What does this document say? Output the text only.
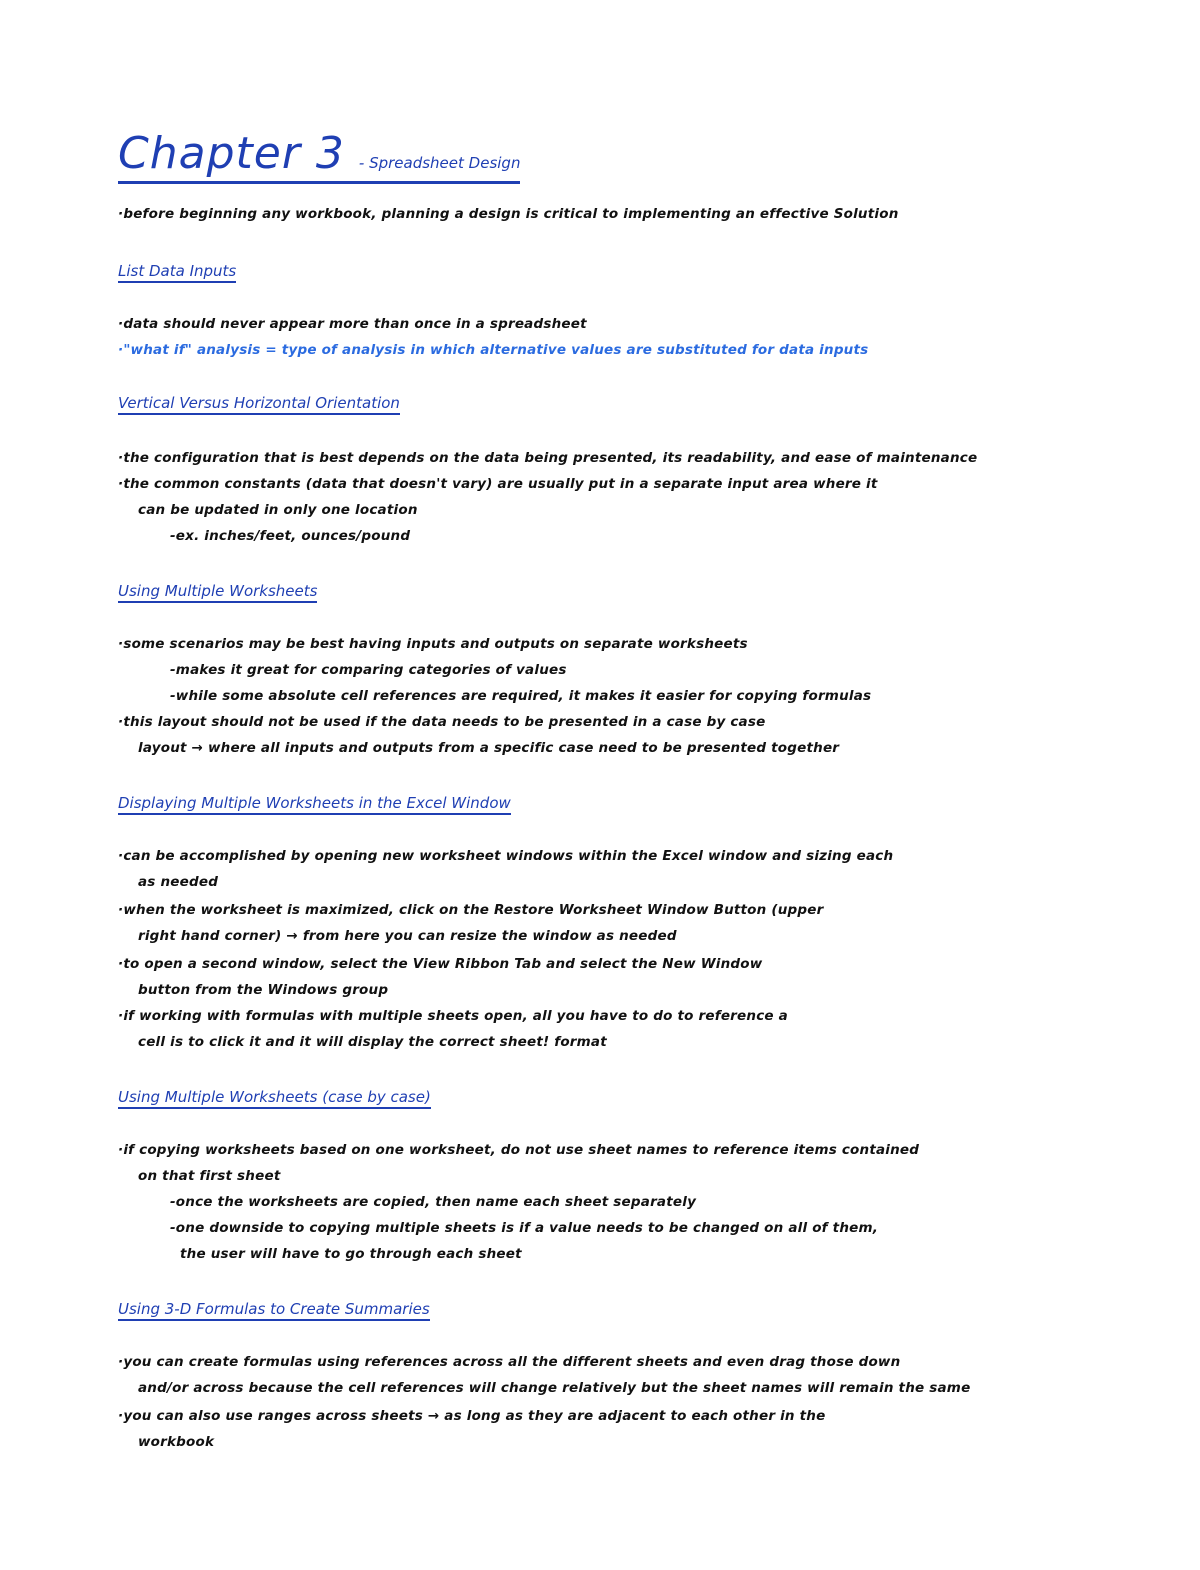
Chapter 3 - Spreadsheet Design
·before beginning any workbook, planning a design is critical to implementing an effective Solution
List Data Inputs
·data should never appear more than once in a spreadsheet
·"what if" analysis = type of analysis in which alternative values are substituted for data inputs
Vertical Versus Horizontal Orientation
·the configuration that is best depends on the data being presented, its readability, and ease of maintenance
·the common constants (data that doesn't vary) are usually put in a separate input area where it
can be updated in only one location
-ex. inches/feet, ounces/pound
Using Multiple Worksheets
·some scenarios may be best having inputs and outputs on separate worksheets
-makes it great for comparing categories of values
-while some absolute cell references are required, it makes it easier for copying formulas
·this layout should not be used if the data needs to be presented in a case by case
layout → where all inputs and outputs from a specific case need to be presented together
Displaying Multiple Worksheets in the Excel Window
·can be accomplished by opening new worksheet windows within the Excel window and sizing each
as needed
·when the worksheet is maximized, click on the Restore Worksheet Window Button (upper
right hand corner) → from here you can resize the window as needed
·to open a second window, select the View Ribbon Tab and select the New Window
button from the Windows group
·if working with formulas with multiple sheets open, all you have to do to reference a
cell is to click it and it will display the correct sheet! format
Using Multiple Worksheets (case by case)
·if copying worksheets based on one worksheet, do not use sheet names to reference items contained
on that first sheet
-once the worksheets are copied, then name each sheet separately
-one downside to copying multiple sheets is if a value needs to be changed on all of them,
the user will have to go through each sheet
Using 3-D Formulas to Create Summaries
·you can create formulas using references across all the different sheets and even drag those down
and/or across because the cell references will change relatively but the sheet names will remain the same
·you can also use ranges across sheets → as long as they are adjacent to each other in the
workbook
